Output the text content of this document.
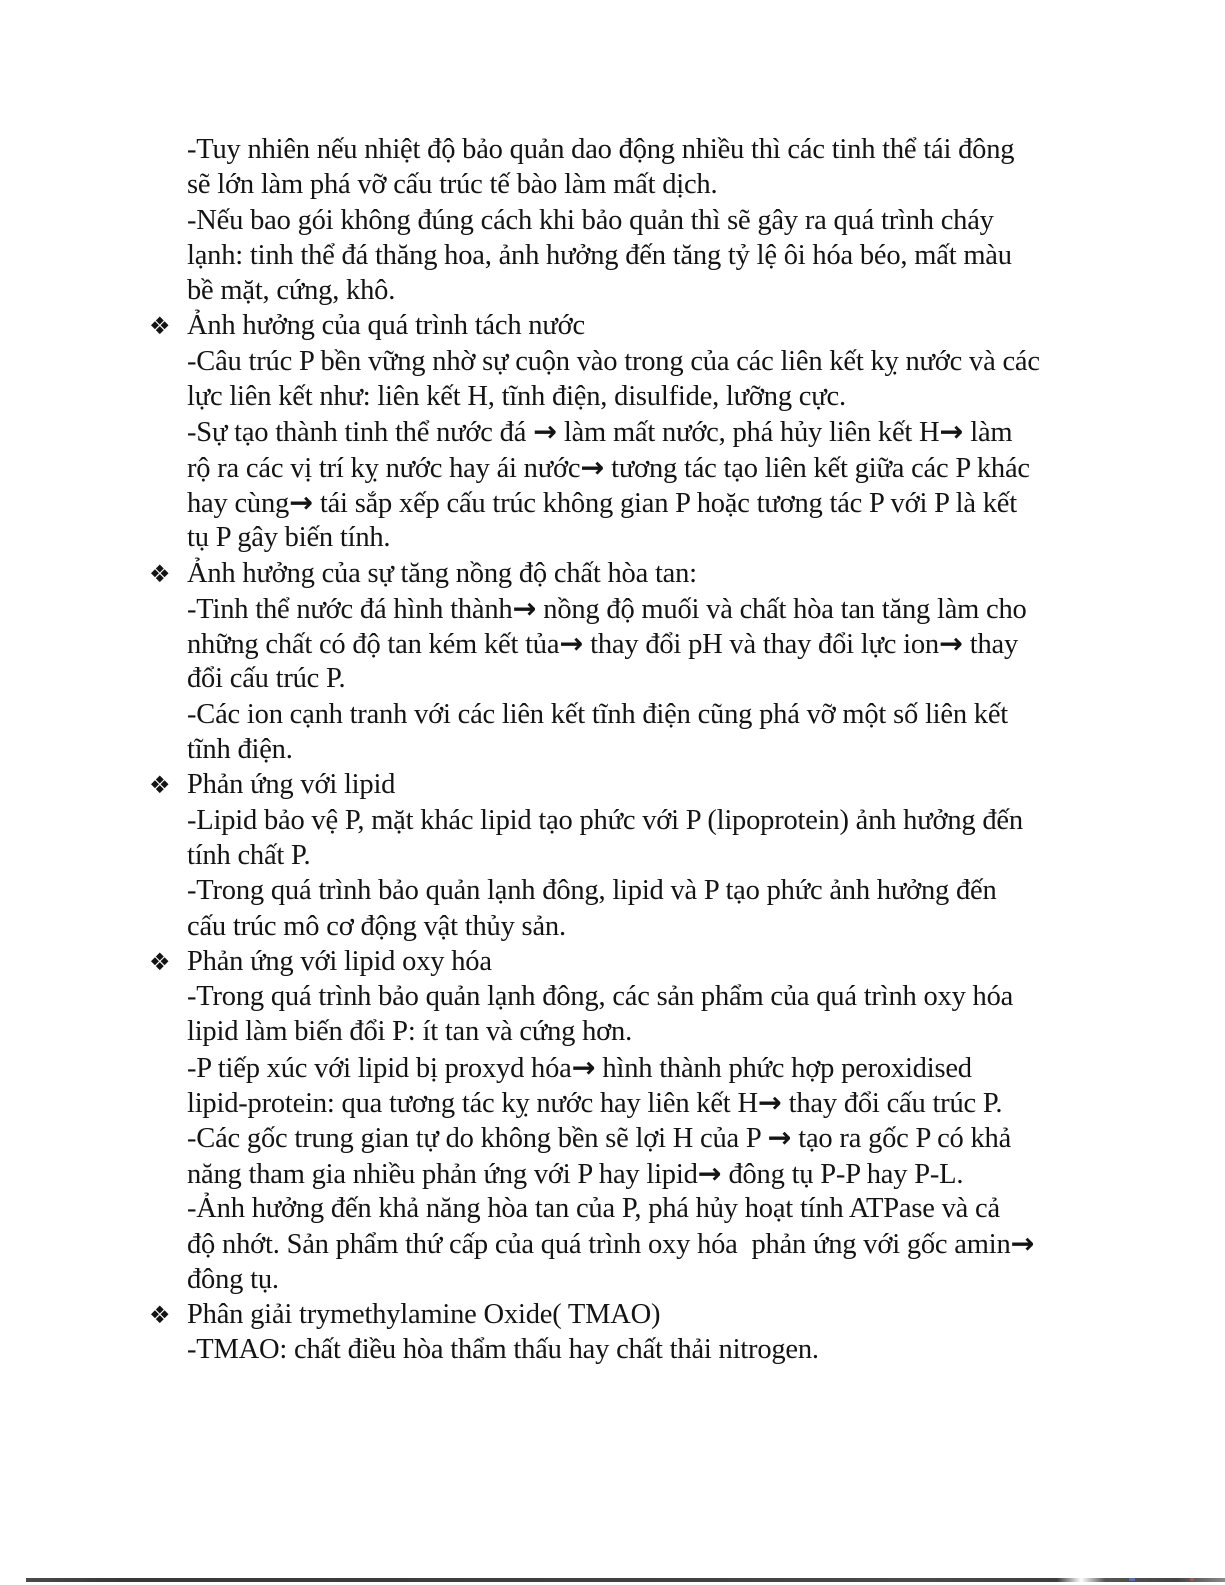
-Tuy nhiên nếu nhiệt độ bảo quản dao động nhiều thì các tinh thể tái đông
sẽ lớn làm phá vỡ cấu trúc tế bào làm mất dịch.
-Nếu bao gói không đúng cách khi bảo quản thì sẽ gây ra quá trình cháy
lạnh: tinh thể đá thăng hoa, ảnh hưởng đến tăng tỷ lệ ôi hóa béo, mất màu
bề mặt, cứng, khô.
❖ Ảnh hưởng của quá trình tách nước
-Câu trúc P bền vững nhờ sự cuộn vào trong của các liên kết kỵ nước và các
lực liên kết như: liên kết H, tĩnh điện, disulfide, lưỡng cực.
-Sự tạo thành tinh thể nước đá → làm mất nước, phá hủy liên kết H→ làm
rộ ra các vị trí kỵ nước hay ái nước→ tương tác tạo liên kết giữa các P khác
hay cùng→ tái sắp xếp cấu trúc không gian P hoặc tương tác P với P là kết
tụ P gây biến tính.
❖ Ảnh hưởng của sự tăng nồng độ chất hòa tan:
-Tinh thể nước đá hình thành→ nồng độ muối và chất hòa tan tăng làm cho
những chất có độ tan kém kết tủa→ thay đổi pH và thay đổi lực ion→ thay
đổi cấu trúc P.
-Các ion cạnh tranh với các liên kết tĩnh điện cũng phá vỡ một số liên kết
tĩnh điện.
❖ Phản ứng với lipid
-Lipid bảo vệ P, mặt khác lipid tạo phức với P (lipoprotein) ảnh hưởng đến
tính chất P.
-Trong quá trình bảo quản lạnh đông, lipid và P tạo phức ảnh hưởng đến
cấu trúc mô cơ động vật thủy sản.
❖ Phản ứng với lipid oxy hóa
-Trong quá trình bảo quản lạnh đông, các sản phẩm của quá trình oxy hóa
lipid làm biến đổi P: ít tan và cứng hơn.
-P tiếp xúc với lipid bị proxyd hóa→ hình thành phức hợp peroxidised
lipid-protein: qua tương tác kỵ nước hay liên kết H→ thay đổi cấu trúc P.
-Các gốc trung gian tự do không bền sẽ lợi H của P → tạo ra gốc P có khả
năng tham gia nhiều phản ứng với P hay lipid→ đông tụ P-P hay P-L.
-Ảnh hưởng đến khả năng hòa tan của P, phá hủy hoạt tính ATPase và cả
độ nhớt. Sản phẩm thứ cấp của quá trình oxy hóa  phản ứng với gốc amin→
đông tụ.
❖ Phân giải trymethylamine Oxide( TMAO)
-TMAO: chất điều hòa thẩm thấu hay chất thải nitrogen.
